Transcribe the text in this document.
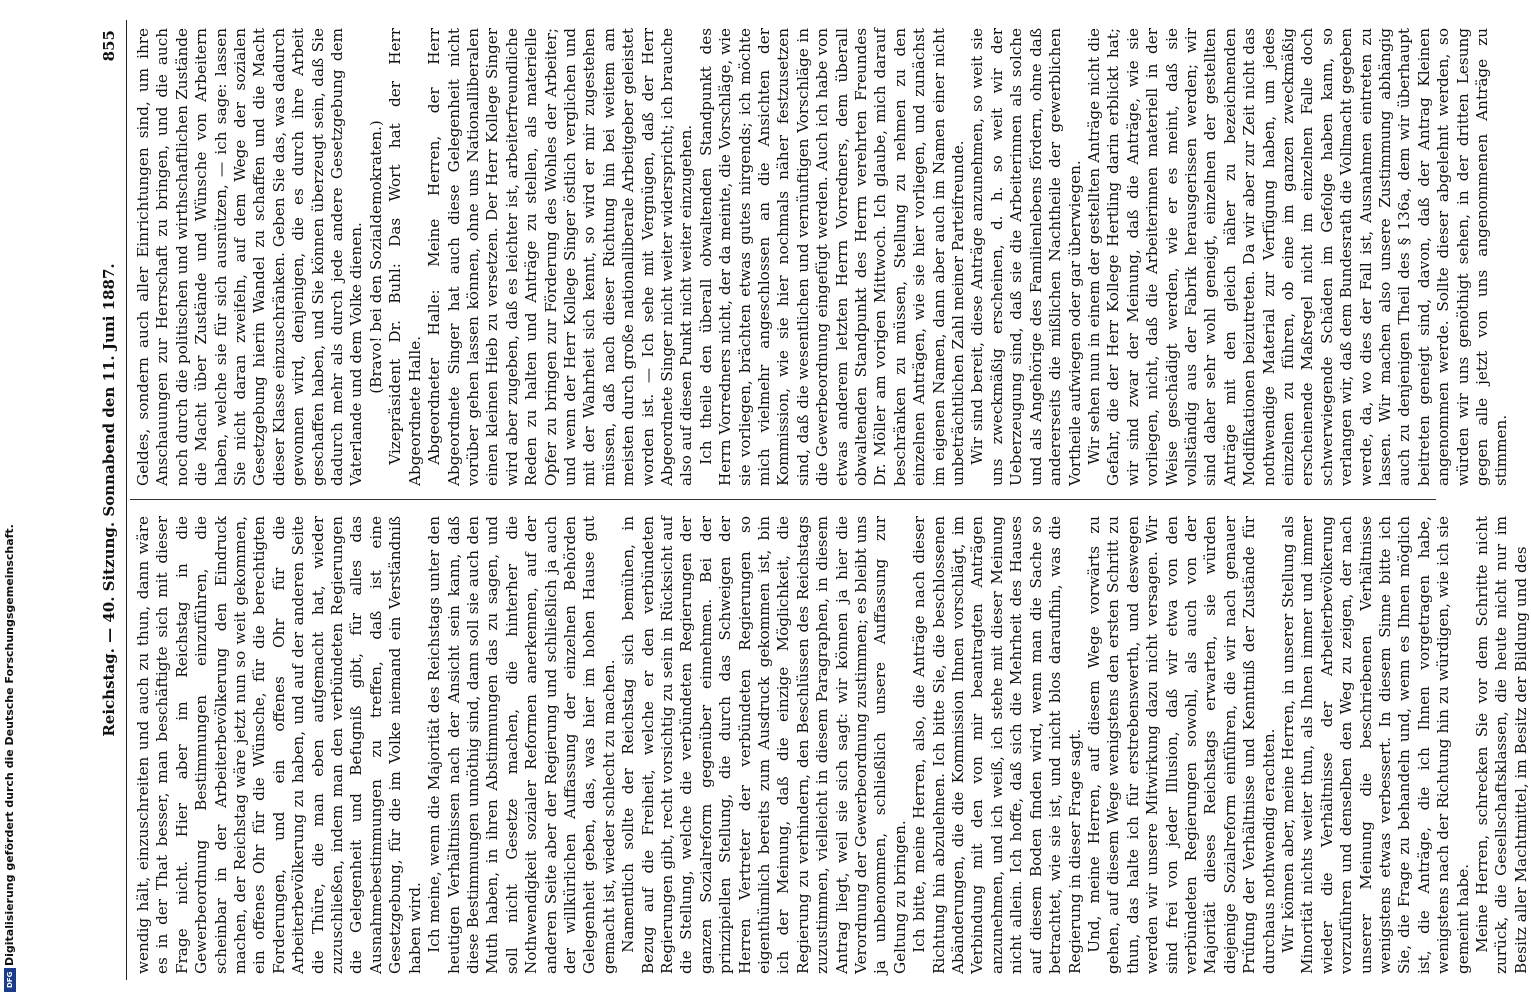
Reichstag. — 40. Sitzung. Sonnabend den 11. Juni 1887.
855

wendig hält, einzuschreiten und auch zu thun, dann wäre es in der That besser, man beschäftigte sich mit dieser Frage nicht. Hier aber im Reichstag in die Gewerbeordnung Bestimmungen einzuführen, die scheinbar in der Arbeiterbevölkerung den Eindruck machen, der Reichstag wäre jetzt nun so weit gekommen, ein offenes Ohr für die Wünsche, für die berechtigten Forderungen, und ein offenes Ohr für die Arbeiterbevölkerung zu haben, und auf der anderen Seite die Thüre, die man eben aufgemacht hat, wieder zuzuschließen, indem man den verbündeten Regierungen die Gelegenheit und Befugniß gibt, für alles das Ausnahmebestimmungen zu treffen, daß ist eine Gesetzgebung, für die im Volke niemand ein Verständniß haben wird. Ich meine, wenn die Majorität des Reichstags unter den heutigen Verhältnissen nach der Ansicht sein kann, daß diese Bestimmungen unnöthig sind, dann soll sie auch den Muth haben, in ihren Abstimmungen das zu sagen, und soll nicht Gesetze machen, die hinterher die Nothwendigkeit sozialer Reformen anerkennen, auf der anderen Seite aber der Regierung und schließlich ja auch der willkürlichen Auffassung der einzelnen Behörden Gelegenheit geben, das, was hier im hohen Hause gut gemacht ist, wieder schlecht zu machen. Namentlich sollte der Reichstag sich bemühen, in Bezug auf die Freiheit, welche er den verbündeten Regierungen gibt, recht vorsichtig zu sein in Rücksicht auf die Stellung, welche die verbündeten Regierungen der ganzen Sozialreform gegenüber einnehmen. Bei der prinzipiellen Stellung, die durch das Schweigen der Herren Vertreter der verbündeten Regierungen so eigenthümlich bereits zum Ausdruck gekommen ist, bin ich der Meinung, daß die einzige Möglichkeit, die Regierung zu verhindern, den Beschlüssen des Reichstags zuzustimmen, vielleicht in diesem Paragraphen, in diesem Antrag liegt, weil sie sich sagt: wir können ja hier die Verordnung der Gewerbeordnung zustimmen; es bleibt uns ja unbenommen, schließlich unsere Auffassung zur Geltung zu bringen. Ich bitte, meine Herren, also, die Anträge nach dieser Richtung hin abzulehnen. Ich bitte Sie, die beschlossenen Abänderungen, die die Kommission Ihnen vorschlägt, im Verbindung mit den von mir beantragten Anträgen anzunehmen, und ich weiß, ich stehe mit dieser Meinung nicht allein. Ich hoffe, daß sich die Mehrheit des Hauses auf diesem Boden finden wird, wenn man die Sache so betrachtet, wie sie ist, und nicht blos daraufhin, was die Regierung in dieser Frage sagt. Und, meine Herren, auf diesem Wege vorwärts zu gehen, auf diesem Wege wenigstens den ersten Schritt zu thun, das halte ich für erstrebenswerth, und deswegen werden wir unsere Mitwirkung dazu nicht versagen. Wir sind frei von jeder Illusion, daß wir etwa von den verbündeten Regierungen sowohl, als auch von der Majorität dieses Reichstags erwarten, sie würden diejenige Sozialreform einführen, die wir nach genauer Prüfung der Verhältnisse und Kenntniß der Zustände für durchaus nothwendig erachten. Wir können aber, meine Herren, in unserer Stellung als Minorität nichts weiter thun, als Ihnen immer und immer wieder die Verhältnisse der Arbeiterbevölkerung vorzuführen und denselben den Weg zu zeigen, der nach unserer Meinung die beschriebenen Verhältnisse wenigstens etwas verbessert. In diesem Sinne bitte ich Sie, die Frage zu behandeln und, wenn es Ihnen möglich ist, die Anträge, die ich Ihnen vorgetragen habe, wenigstens nach der Richtung hin zu würdigen, wie ich sie gemeint habe. Meine Herren, schrecken Sie vor dem Schritte nicht zurück, die Gesellschaftsklassen, die heute nicht nur im Besitz aller Machtmittel, im Besitz der Bildung und des

Geldes, sondern auch aller Einrichtungen sind, um ihre Anschauungen zur Herrschaft zu bringen, und die auch noch durch die politischen und wirthschaftlichen Zustände die Macht über Zustände und Wünsche von Arbeitern haben, welche sie für sich ausnützen, — ich sage: lassen Sie nicht daran zweifeln, auf dem Wege der sozialen Gesetzgebung hierin Wandel zu schaffen und die Macht dieser Klasse einzuschränken. Geben Sie das, was dadurch gewonnen wird, denjenigen, die es durch ihre Arbeit geschaffen haben, und Sie können überzeugt sein, daß Sie dadurch mehr als durch jede andere Gesetzgebung dem Vaterlande und dem Volke dienen. (Bravo! bei den Sozialdemokraten.) Vizepräsident Dr. Buhl: Das Wort hat der Herr Abgeordnete Halle. Abgeordneter Halle: Meine Herren, der Herr Abgeordnete Singer hat auch diese Gelegenheit nicht vorüber gehen lassen können, ohne uns Nationalliberalen einen kleinen Hieb zu versetzen. Der Herr Kollege Singer wird aber zugeben, daß es leichter ist, arbeiterfreundliche Reden zu halten und Anträge zu stellen, als materielle Opfer zu bringen zur Förderung des Wohles der Arbeiter; und wenn der Herr Kollege Singer östlich verglichen und mit der Wahrheit sich kennt, so wird er mir zugestehen müssen, daß nach dieser Richtung hin bei weitem am meisten durch große nationalliberale Arbeitgeber geleistet worden ist. — Ich sehe mit Vergnügen, daß der Herr Abgeordnete Singer nicht weiter widerspricht; ich brauche also auf diesen Punkt nicht weiter einzugehen. Ich theile den überall obwaltenden Standpunkt des Herrn Vorredners nicht, der da meinte, die Vorschläge, wie sie vorliegen, brächten etwas gutes nirgends; ich möchte mich vielmehr angeschlossen an die Ansichten der Kommission, wie sie hier nochmals näher festzusetzen sind, daß die wesentlichen und vernünftigen Vorschläge in die Gewerbeordnung eingefügt werden. Auch ich habe von etwas anderem letzten Herrn Vorredners, dem überall obwaltenden Standpunkt des Herrn verehrten Freundes Dr. Möller am vorigen Mittwoch. Ich glaube, mich darauf beschränken zu müssen, Stellung zu nehmen zu den einzelnen Anträgen, wie sie hier vorliegen, und zunächst im eigenen Namen, dann aber auch im Namen einer nicht unbeträchtlichen Zahl meiner Parteifreunde. Wir sind bereit, diese Anträge anzunehmen, so weit sie uns zweckmäßig erscheinen, d. h. so weit wir der Ueberzeugung sind, daß sie die Arbeiterinnen als solche und als Angehörige des Familienlebens fördern, ohne daß andererseits die mißlichen Nachtheile der gewerblichen Vortheile aufwiegen oder gar überwiegen. Wir sehen nun in einem der gestellten Anträge nicht die Gefahr, die der Herr Kollege Hertling darin erblickt hat; wir sind zwar der Meinung, daß die Anträge, wie sie vorliegen, nicht, daß die Arbeiterinnen materiell in der Weise geschädigt werden, wie er es meint, daß sie vollständig aus der Fabrik herausgerissen werden; wir sind daher sehr wohl geneigt, einzelnen der gestellten Anträge mit den gleich näher zu bezeichnenden Modifikationen beizutreten. Da wir aber zur Zeit nicht das nothwendige Material zur Verfügung haben, um jedes einzelnen zu führen, ob eine im ganzen zweckmäßig erscheinende Maßregel nicht im einzelnen Falle doch schwerwiegende Schäden im Gefolge haben kann, so verlangen wir, daß dem Bundesrath die Vollmacht gegeben werde, da, wo dies der Fall ist, Ausnahmen eintreten zu lassen. Wir machen also unsere Zustimmung abhängig auch zu denjenigen Theil des § 136a, dem wir überhaupt beitreten geneigt sind, davon, daß der Antrag Kleinen angenommen werde. Sollte dieser abgelehnt werden, so würden wir uns genöthigt sehen, in der dritten Lesung gegen alle jetzt von uns angenommenen Anträge zu stimmen.

Digitalisierung gefördert durch die Deutsche Forschungsgemeinschaft.
DFG
